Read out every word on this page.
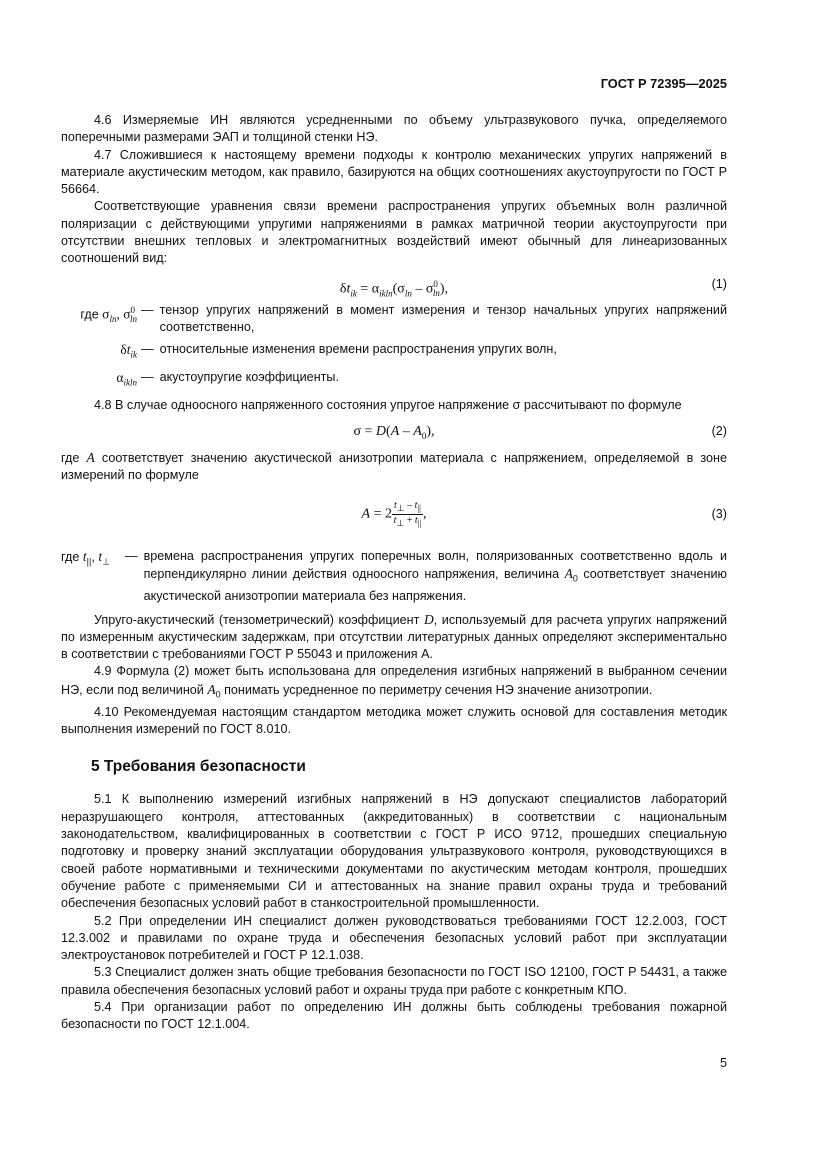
ГОСТ Р 72395—2025

4.6 Измеряемые ИН являются усредненными по объему ультразвукового пучка, определяемого поперечными размерами ЭАП и толщиной стенки НЭ.

4.7 Сложившиеся к настоящему времени подходы к контролю механических упругих напряжений в материале акустическим методом, как правило, базируются на общих соотношениях акустоупругости по ГОСТ Р 56664.

Соответствующие уравнения связи времени распространения упругих объемных волн различной поляризации с действующими упругими напряжениями в рамках матричной теории акустоупругости при отсутствии внешних тепловых и электромагнитных воздействий имеют обычный для линеаризованных соотношений вид:

$\delta t_{ik} = \alpha_{ikln}(\sigma_{ln} - \sigma^0_{ln})$,	(1)
где $\sigma_{ln}$, $\sigma^0_{ln}$
— тензор упругих напряжений в момент измерения и тензор начальных упругих напряжений соответственно,
$\delta t_{ik}$ — относительные изменения времени распространения упругих волн,
$\alpha_{ikln}$ — акустоупругие коэффициенты.

4.8 В случае одноосного напряженного состояния упругое напряжение σ рассчитывают по формуле

$\sigma = D(A - A_0)$,	(2)

где A соответствует значению акустической анизотропии материала с напряжением, определяемой в зоне измерений по формуле

$A = 2 \frac{t_\perp - t_{||}}{t_\perp + t_{||}}$ ,	(3)
где $t_{||}$, $t_\perp$	— времена распространения упругих поперечных волн, поляризованных соответственно вдоль и перпендикулярно линии действия одноосного напряжения, величина $A_0$ соответствует значению акустической анизотропии материала без напряжения.

Упруго-акустический (тензометрический) коэффициент D, используемый для расчета упругих напряжений по измеренным акустическим задержкам, при отсутствии литературных данных определяют экспериментально в соответствии с требованиями ГОСТ Р 55043 и приложения А.

4.9 Формула (2) может быть использована для определения изгибных напряжений в выбранном сечении НЭ, если под величиной $A_0$ понимать усредненное по периметру сечения НЭ значение анизотропии.

4.10 Рекомендуемая настоящим стандартом методика может служить основой для составления методик выполнения измерений по ГОСТ 8.010.

5 Требования безопасности

5.1 К выполнению измерений изгибных напряжений в НЭ допускают специалистов лабораторий неразрушающего контроля, аттестованных (аккредитованных) в соответствии с национальным законодательством, квалифицированных в соответствии с ГОСТ Р ИСО 9712, прошедших специальную подготовку и проверку знаний эксплуатации оборудования ультразвукового контроля, руководствующихся в своей работе нормативными и техническими документами по акустическим методам контроля, прошедших обучение работе с применяемыми СИ и аттестованных на знание правил охраны труда и требований обеспечения безопасных условий работ в станкостроительной промышленности.

5.2 При определении ИН специалист должен руководствоваться требованиями ГОСТ 12.2.003, ГОСТ 12.3.002 и правилами по охране труда и обеспечения безопасных условий работ при эксплуатации электроустановок потребителей и ГОСТ Р 12.1.038.

5.3 Специалист должен знать общие требования безопасности по ГОСТ ISO 12100, ГОСТ Р 54431, а также правила обеспечения безопасных условий работ и охраны труда при работе с конкретным КПО.

5.4 При организации работ по определению ИН должны быть соблюдены требования пожарной безопасности по ГОСТ 12.1.004.

5
